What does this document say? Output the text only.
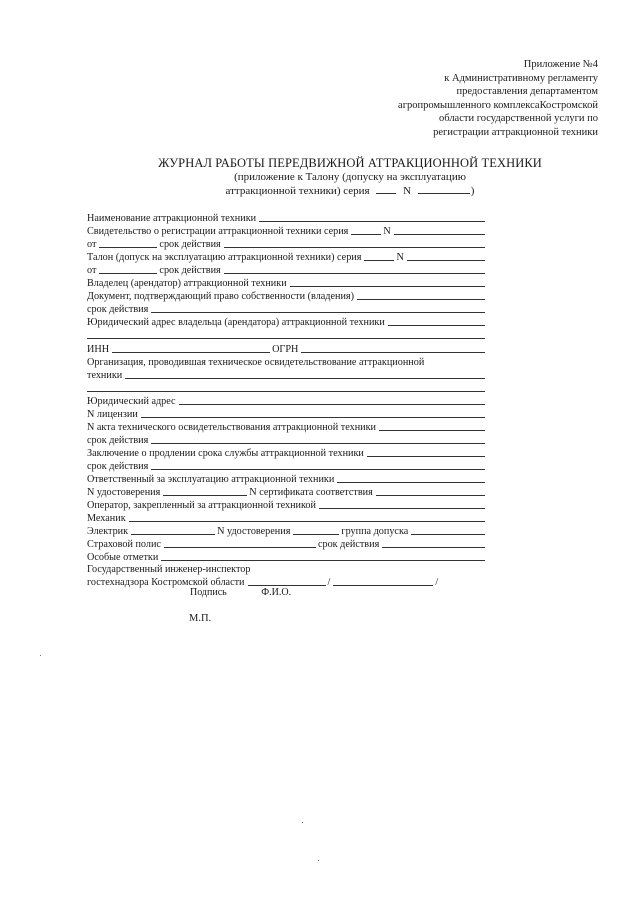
Приложение №4
к Административному регламенту
предоставления департаментом
агропромышленного комплексаКостромской
области государственной услуги по
регистрации аттракционной техники
ЖУРНАЛ РАБОТЫ ПЕРЕДВИЖНОЙ АТТРАКЦИОННОЙ ТЕХНИКИ
(приложение к Талону (допуску на эксплуатацию
аттракционной техники) серия	N	)
Наименование аттракционной техники
Свидетельство о регистрации аттракционной техники серия	N
от	срок действия
Талон (допуск на эксплуатацию аттракционной техники) серия	N
от	срок действия
Владелец (арендатор) аттракционной техники
Документ, подтверждающий право собственности (владения)
срок действия
Юридический адрес владельца (арендатора) аттракционной техники
ИНН	ОГРН
Организация, проводившая техническое освидетельствование аттракционной
техники
Юридический адрес
N лицензии
N акта технического освидетельствования аттракционной техники
срок действия
Заключение о продлении срока службы аттракционной техники
срок действия
Ответственный за эксплуатацию аттракционной техники
N удостоверения	N сертификата соответствия
Оператор, закрепленный за аттракционной техникой
Механик
Электрик	N удостоверения	группа допуска
Страховой полис	срок действия
Особые отметки
Государственный инженер-инспектор
гостехнадзора Костромской области	/	/
Подпись	Ф.И.О.
М.П.
